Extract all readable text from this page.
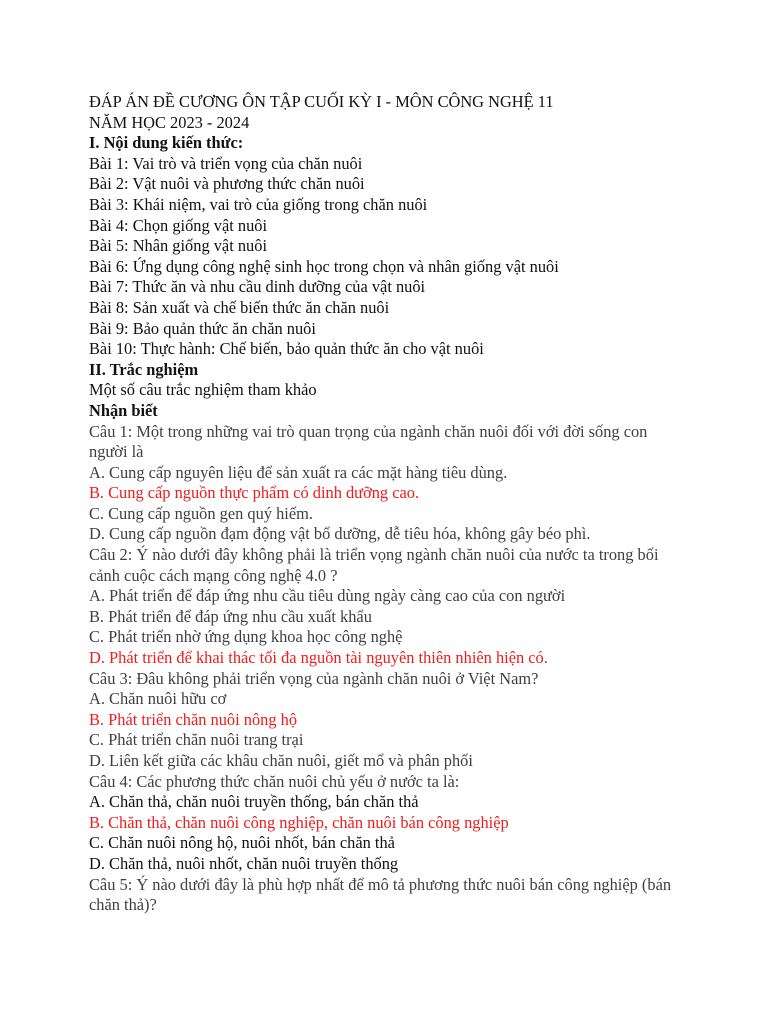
ĐÁP ÁN ĐỀ CƯƠNG ÔN TẬP CUỐI KỲ I - MÔN CÔNG NGHỆ 11

NĂM HỌC 2023 - 2024

I. Nội dung kiến thức:

Bài 1: Vai trò và triển vọng của chăn nuôi

Bài 2: Vật nuôi và phương thức chăn nuôi

Bài 3: Khái niệm, vai trò của giống trong chăn nuôi

Bài 4: Chọn giống vật nuôi

Bài 5: Nhân giống vật nuôi

Bài 6: Ứng dụng công nghệ sinh học trong chọn và nhân giống vật nuôi

Bài 7: Thức ăn và nhu cầu dinh dưỡng của vật nuôi

Bài 8: Sản xuất và chế biến thức ăn chăn nuôi

Bài 9: Bảo quản thức ăn chăn nuôi

Bài 10: Thực hành: Chế biến, bảo quản thức ăn cho vật nuôi

II. Trắc nghiệm

Một số câu trắc nghiệm tham khảo

Nhận biết

Câu 1: Một trong những vai trò quan trọng của ngành chăn nuôi đối với đời sống con người là

A. Cung cấp nguyên liệu để sản xuất ra các mặt hàng tiêu dùng.

B. Cung cấp nguồn thực phẩm có dinh dưỡng cao.

C. Cung cấp nguồn gen quý hiếm.

D. Cung cấp nguồn đạm động vật bổ dưỡng, dễ tiêu hóa, không gây béo phì.

Câu 2: Ý nào dưới đây không phải là triển vọng ngành chăn nuôi của nước ta trong bối cảnh cuộc cách mạng công nghệ 4.0 ?

A. Phát triển để đáp ứng nhu cầu tiêu dùng ngày càng cao của con người

B. Phát triển để đáp ứng nhu cầu xuất khẩu

C. Phát triển nhờ ứng dụng khoa học công nghệ

D. Phát triển để khai thác tối đa nguồn tài nguyên thiên nhiên hiện có.

Câu 3: Đâu không phải triển vọng của ngành chăn nuôi ở Việt Nam?

A. Chăn nuôi hữu cơ

B. Phát triển chăn nuôi nông hộ

C. Phát triển chăn nuôi trang trại

D. Liên kết giữa các khâu chăn nuôi, giết mổ và phân phối

Câu 4: Các phương thức chăn nuôi chủ yếu ở nước ta là:

A. Chăn thả, chăn nuôi truyền thống, bán chăn thả

B. Chăn thả, chăn nuôi công nghiệp, chăn nuôi bán công nghiệp

C. Chăn nuôi nông hộ, nuôi nhốt, bán chăn thả

D. Chăn thả, nuôi nhốt, chăn nuôi truyền thống

Câu 5: Ý nào dưới đây là phù hợp nhất để mô tả phương thức nuôi bán công nghiệp (bán chăn thả)?
